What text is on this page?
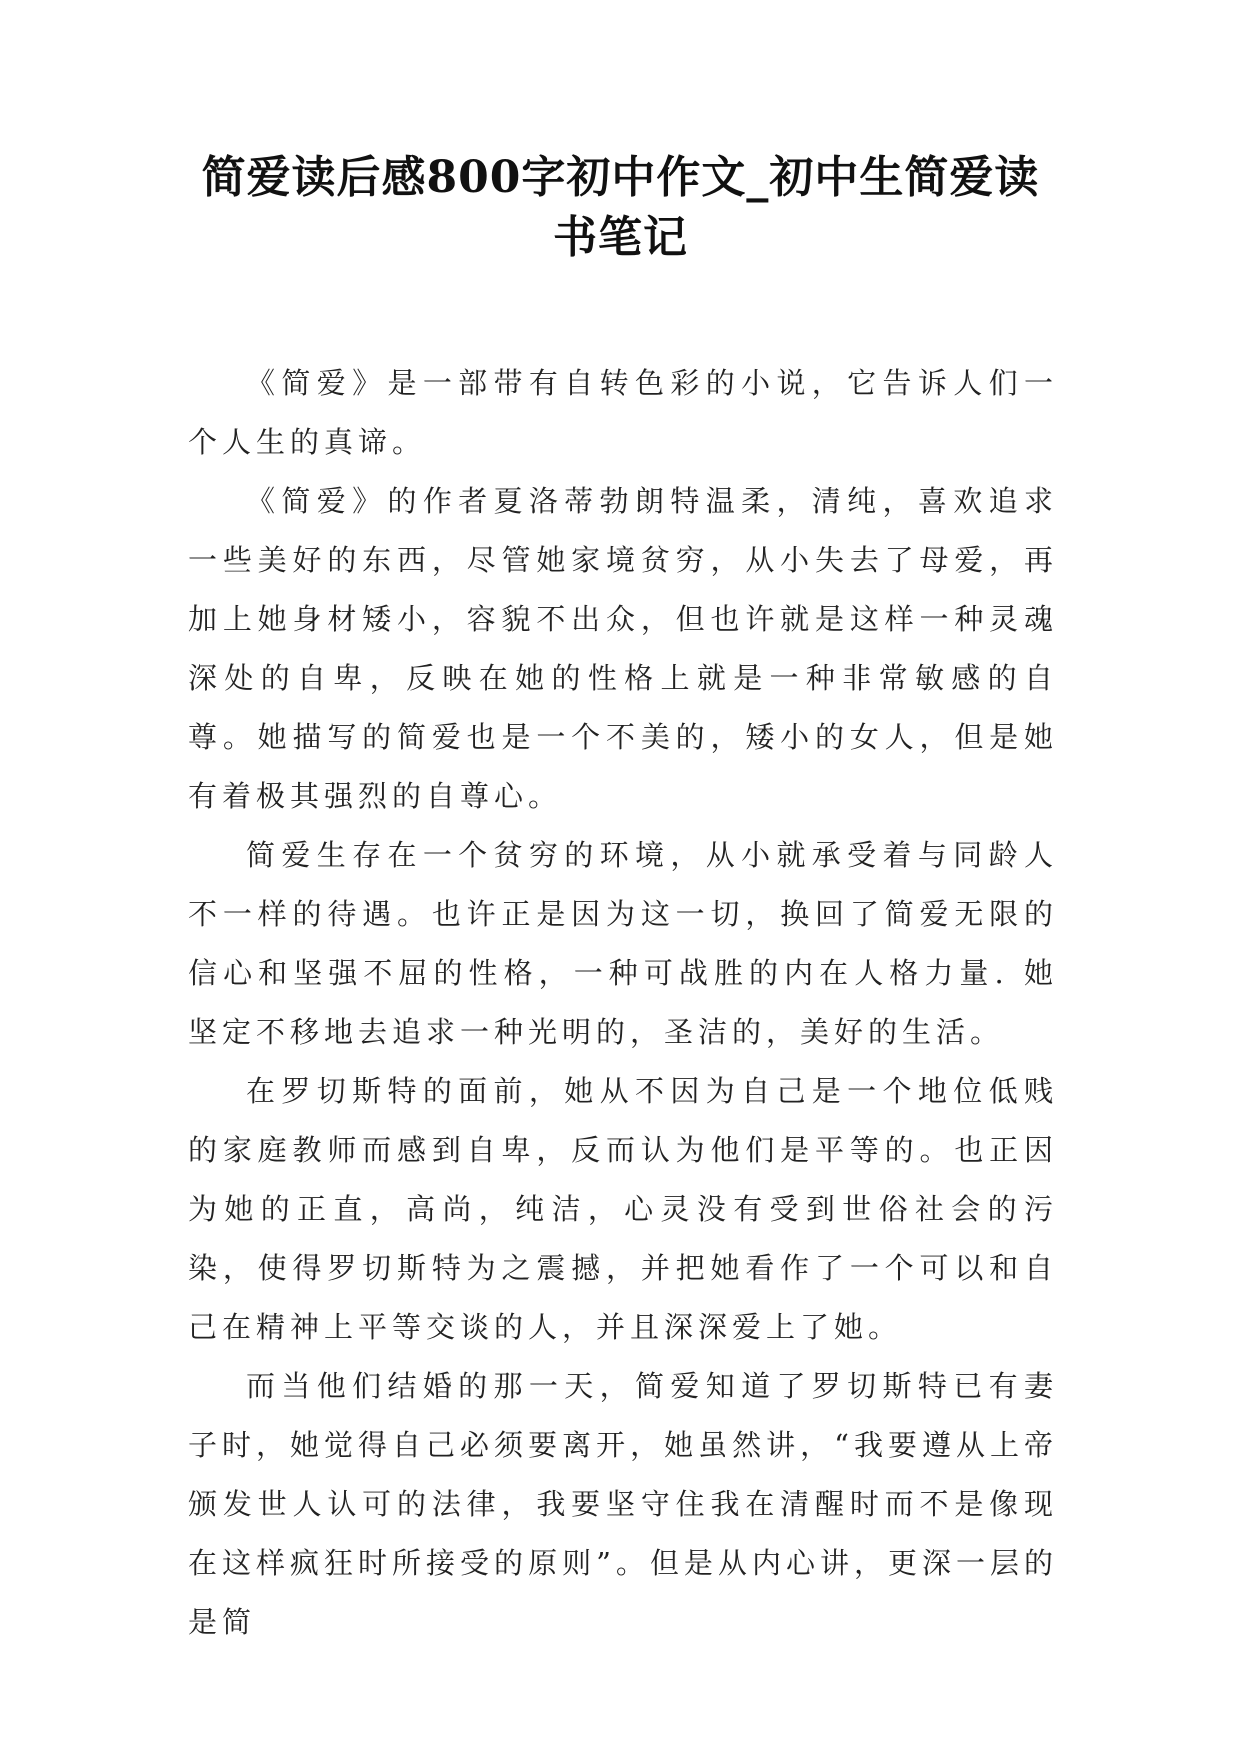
简爱读后感800字初中作文_初中生简爱读
书笔记

《简爱》是一部带有自转色彩的小说，它告诉人们一个人生的真谛。

《简爱》的作者夏洛蒂勃朗特温柔，清纯，喜欢追求一些美好的东西，尽管她家境贫穷，从小失去了母爱，再加上她身材矮小，容貌不出众，但也许就是这样一种灵魂深处的自卑，反映在她的性格上就是一种非常敏感的自尊。她描写的简爱也是一个不美的，矮小的女人，但是她有着极其强烈的自尊心。

简爱生存在一个贫穷的环境，从小就承受着与同龄人不一样的待遇。也许正是因为这一切，换回了简爱无限的信心和坚强不屈的性格，一种可战胜的内在人格力量. 她坚定不移地去追求一种光明的，圣洁的，美好的生活。

在罗切斯特的面前，她从不因为自己是一个地位低贱的家庭教师而感到自卑，反而认为他们是平等的。也正因为她的正直，高尚，纯洁，心灵没有受到世俗社会的污染，使得罗切斯特为之震撼，并把她看作了一个可以和自己在精神上平等交谈的人，并且深深爱上了她。

而当他们结婚的那一天，简爱知道了罗切斯特已有妻子时，她觉得自己必须要离开，她虽然讲，“我要遵从上帝颁发世人认可的法律，我要坚守住我在清醒时而不是像现在这样疯狂时所接受的原则”。但是从内心讲，更深一层的是简
